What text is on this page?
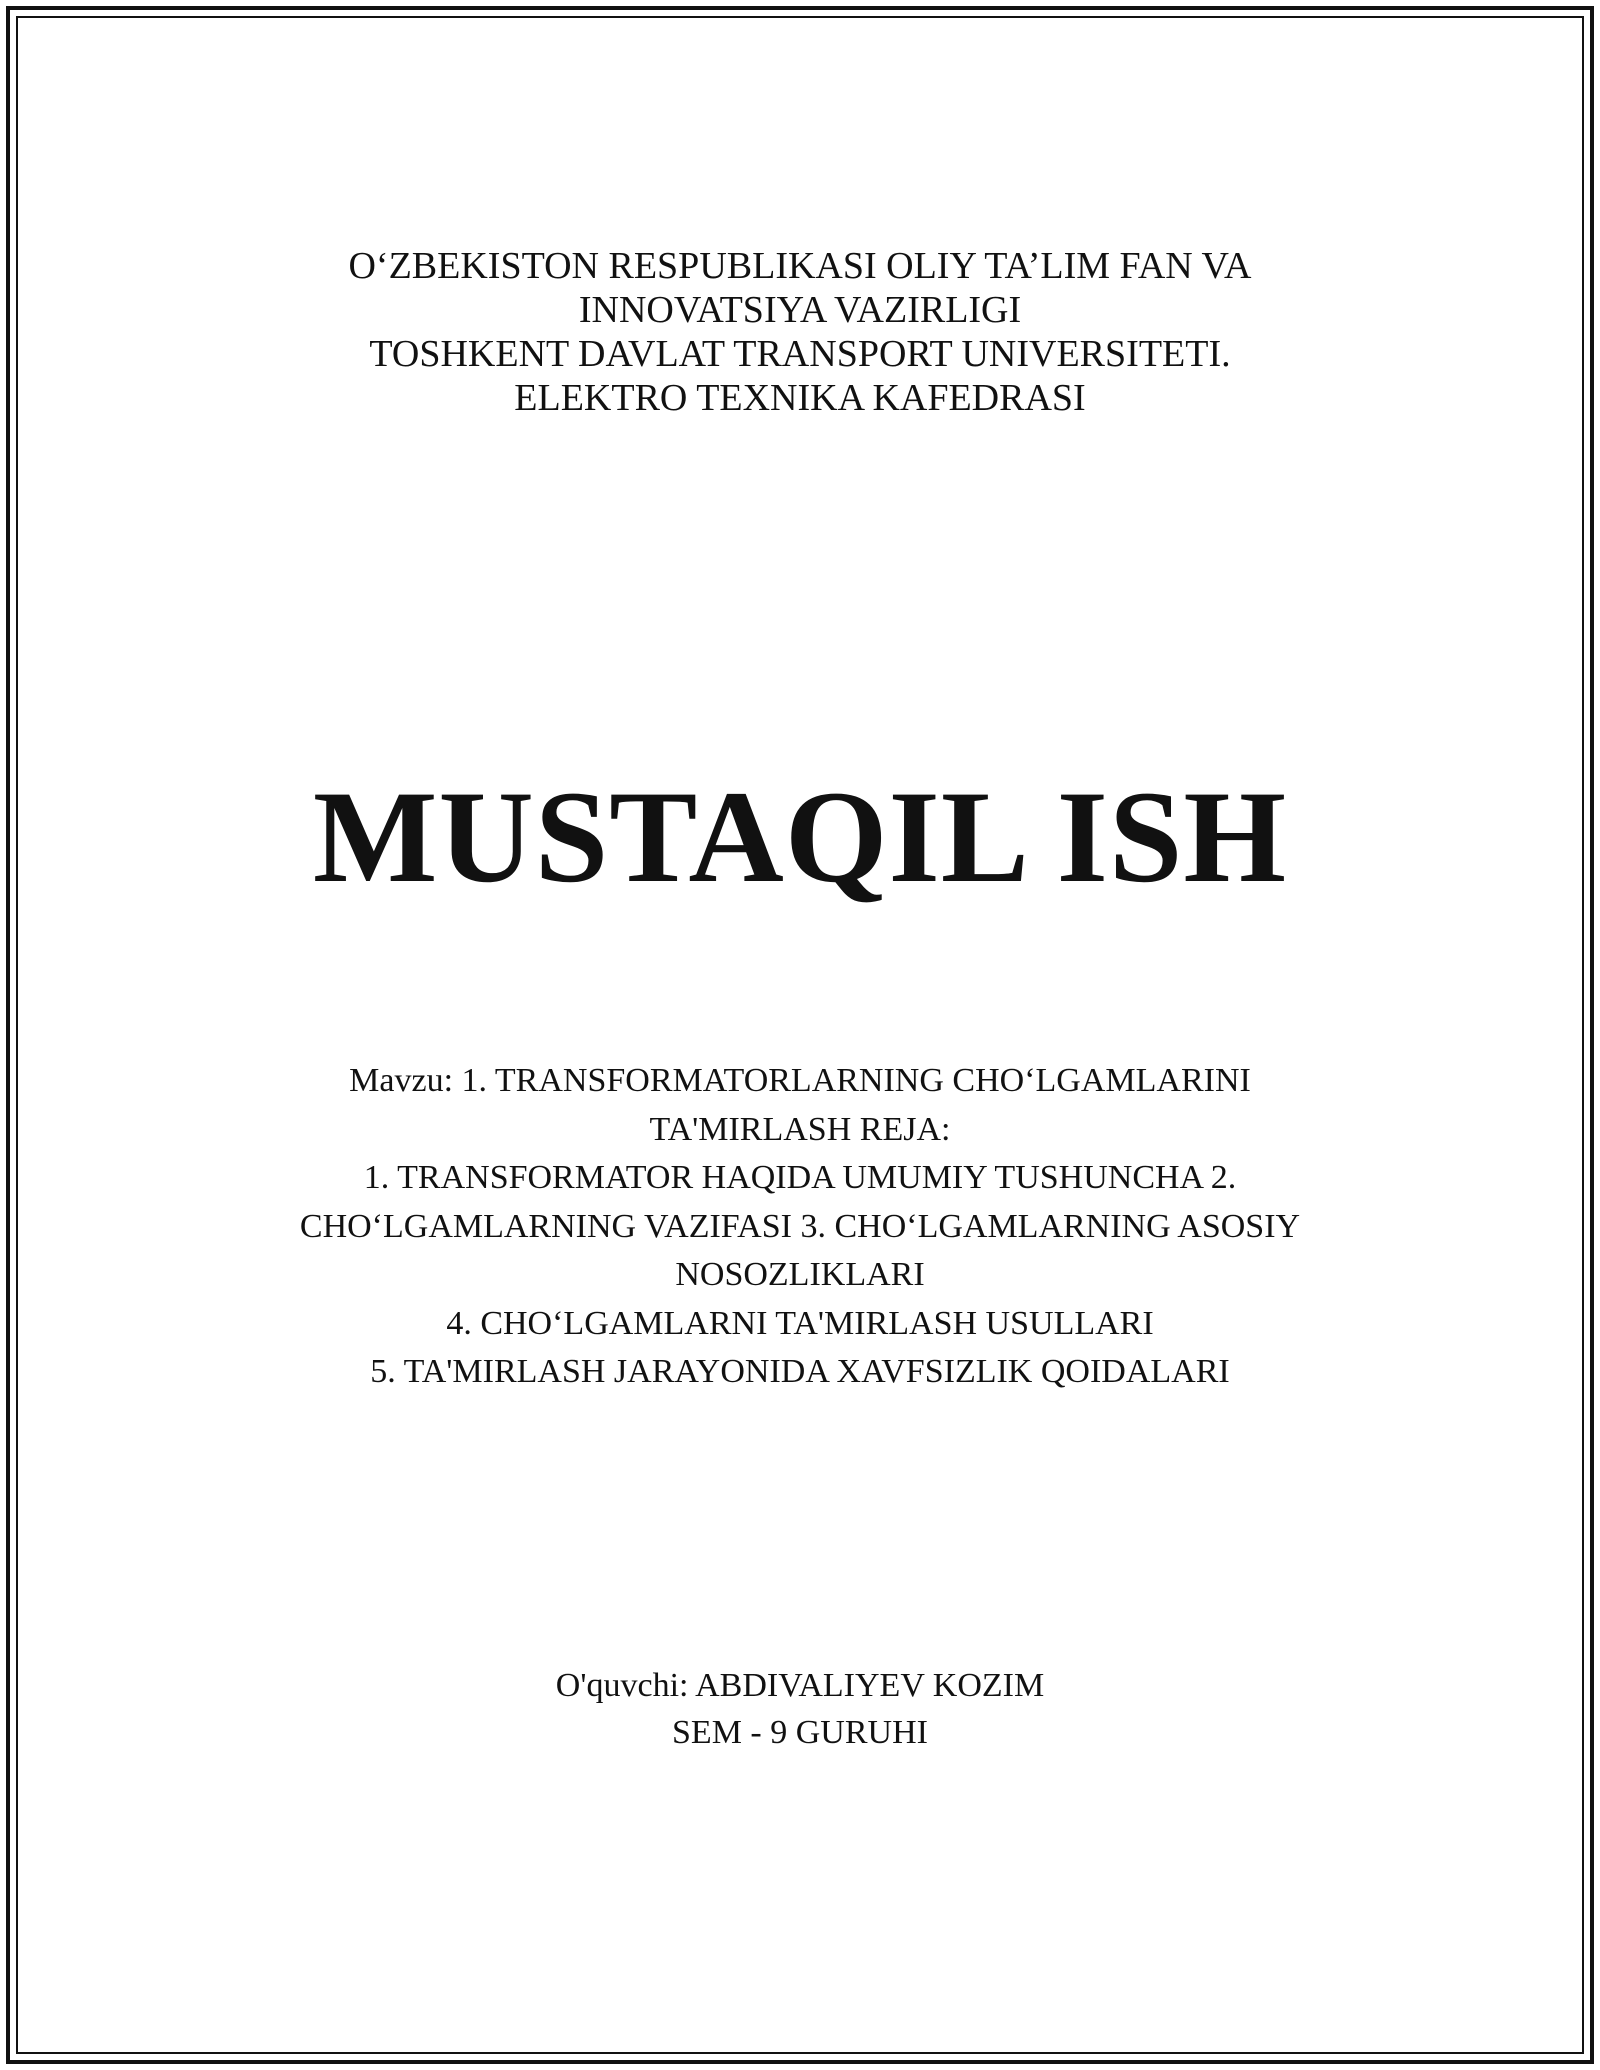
O‘ZBEKISTON RESPUBLIKASI OLIY TA’LIM FAN VA
INNOVATSIYA VAZIRLIGI
TOSHKENT DAVLAT TRANSPORT UNIVERSITETI.
ELEKTRO TEXNIKA KAFEDRASI
MUSTAQIL ISH
Mavzu: 1. TRANSFORMATORLARNING CHO‘LGAMLARINI
TA'MIRLASH REJA:
1. TRANSFORMATOR HAQIDA UMUMIY TUSHUNCHA 2.
CHO‘LGAMLARNING VAZIFASI 3. CHO‘LGAMLARNING ASOSIY
NOSOZLIKLARI
4. CHO‘LGAMLARNI TA'MIRLASH USULLARI
5. TA'MIRLASH JARAYONIDA XAVFSIZLIK QOIDALARI
O'quvchi: ABDIVALIYEV KOZIM
SEM - 9 GURUHI
